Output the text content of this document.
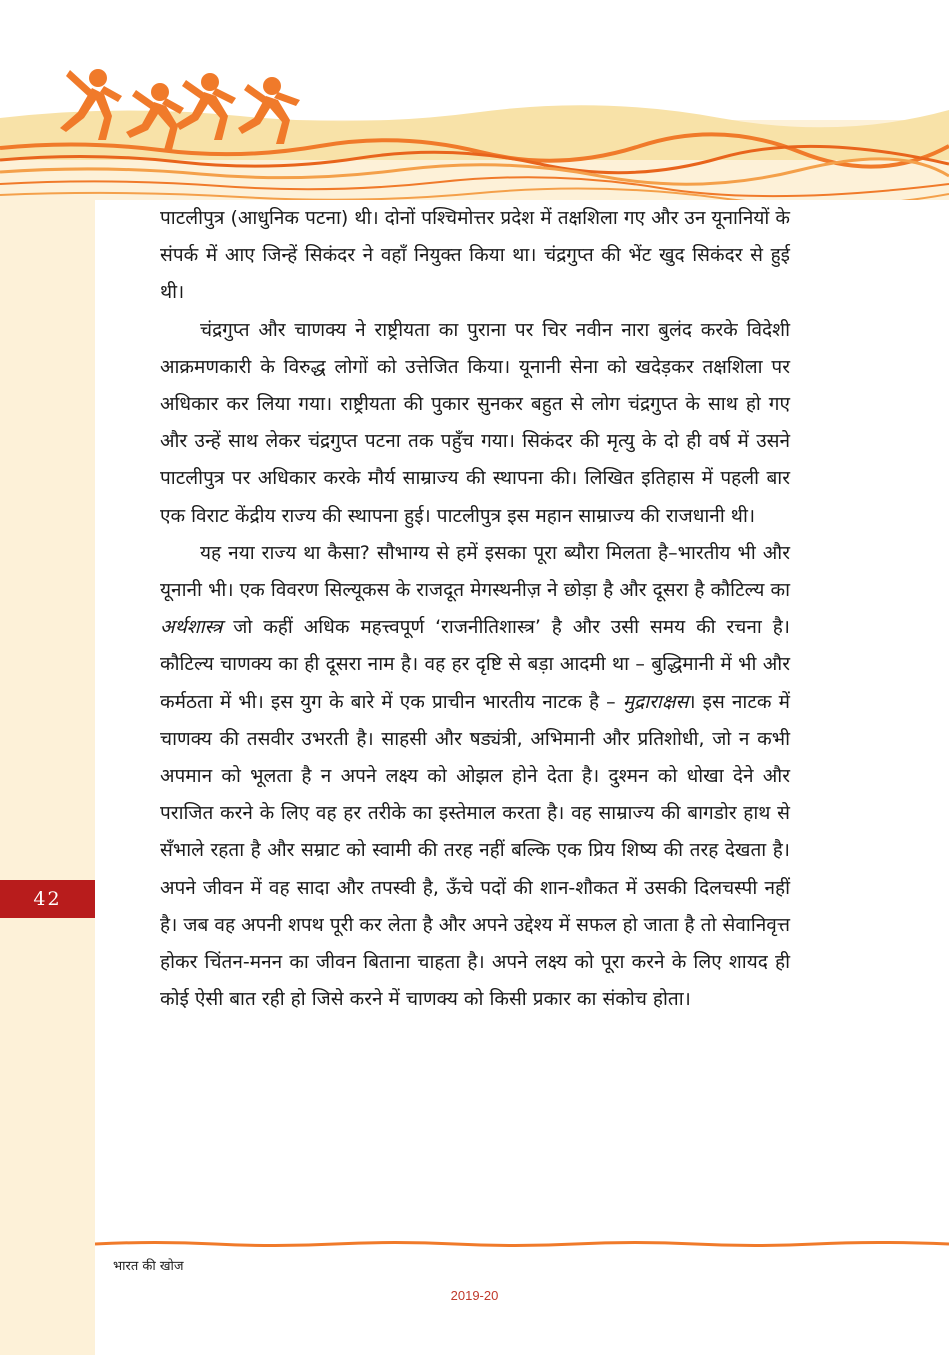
42

पाटलीपुत्र (आधुनिक पटना) थी। दोनों पश्चिमोत्तर प्रदेश में तक्षशिला गए और उन यूनानियों के संपर्क में आए जिन्हें सिकंदर ने वहाँ नियुक्त किया था। चंद्रगुप्त की भेंट खुद सिकंदर से हुई थी।

चंद्रगुप्त और चाणक्य ने राष्ट्रीयता का पुराना पर चिर नवीन नारा बुलंद करके विदेशी आक्रमणकारी के विरुद्ध लोगों को उत्तेजित किया। यूनानी सेना को खदेड़कर तक्षशिला पर अधिकार कर लिया गया। राष्ट्रीयता की पुकार सुनकर बहुत से लोग चंद्रगुप्त के साथ हो गए और उन्हें साथ लेकर चंद्रगुप्त पटना तक पहुँच गया। सिकंदर की मृत्यु के दो ही वर्ष में उसने पाटलीपुत्र पर अधिकार करके मौर्य साम्राज्य की स्थापना की। लिखित इतिहास में पहली बार एक विराट केंद्रीय राज्य की स्थापना हुई। पाटलीपुत्र इस महान साम्राज्य की राजधानी थी।

यह नया राज्य था कैसा? सौभाग्य से हमें इसका पूरा ब्यौरा मिलता है–भारतीय भी और यूनानी भी। एक विवरण सिल्यूकस के राजदूत मेगस्थनीज़ ने छोड़ा है और दूसरा है कौटिल्य का अर्थशास्त्र जो कहीं अधिक महत्त्वपूर्ण ‘राजनीतिशास्त्र’ है और उसी समय की रचना है। कौटिल्य चाणक्य का ही दूसरा नाम है। वह हर दृष्टि से बड़ा आदमी था – बुद्धिमानी में भी और कर्मठता में भी। इस युग के बारे में एक प्राचीन भारतीय नाटक है – मुद्राराक्षस। इस नाटक में चाणक्य की तसवीर उभरती है। साहसी और षड्यंत्री, अभिमानी और प्रतिशोधी, जो न कभी अपमान को भूलता है न अपने लक्ष्य को ओझल होने देता है। दुश्मन को धोखा देने और पराजित करने के लिए वह हर तरीके का इस्तेमाल करता है। वह साम्राज्य की बागडोर हाथ से सँभाले रहता है और सम्राट को स्वामी की तरह नहीं बल्कि एक प्रिय शिष्य की तरह देखता है। अपने जीवन में वह सादा और तपस्वी है, ऊँचे पदों की शान-शौकत में उसकी दिलचस्पी नहीं है। जब वह अपनी शपथ पूरी कर लेता है और अपने उद्देश्य में सफल हो जाता है तो सेवानिवृत्त होकर चिंतन-मनन का जीवन बिताना चाहता है। अपने लक्ष्य को पूरा करने के लिए शायद ही कोई ऐसी बात रही हो जिसे करने में चाणक्य को किसी प्रकार का संकोच होता।

भारत की खोज
2019-20
